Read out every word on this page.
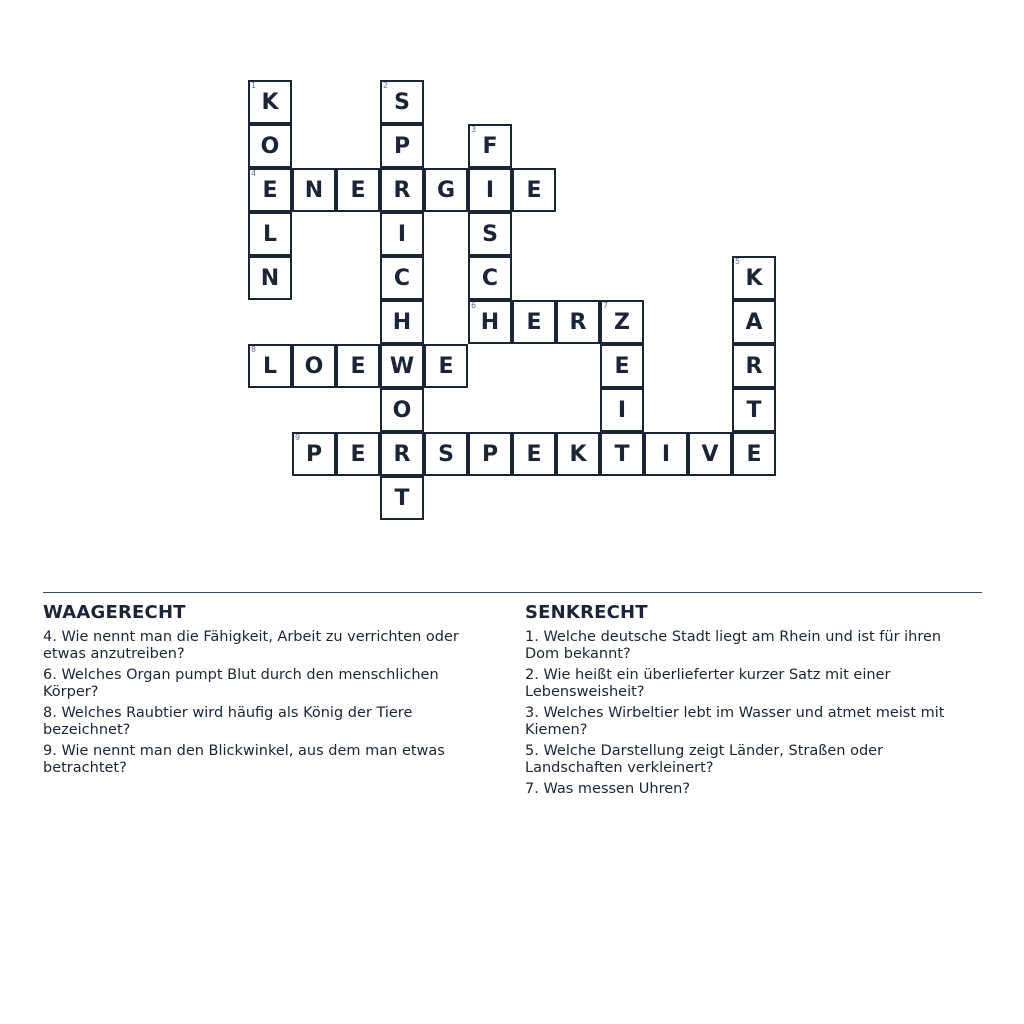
1
K
O
4
E
L
N
N	E
2
S
P
R
I
C
H
W
O
R
T
G
3
F
I
S
C
6
H
E
E	R
7
Z
E
I
T
5
K
A
R
T
E
8
L	O	E	E
9
P	E	S	P	E	K	I	V
WAAGERECHT
4. Wie nennt man die Fähigkeit, Arbeit zu verrichten oder etwas anzutreiben?
6. Welches Organ pumpt Blut durch den menschlichen Körper?
8. Welches Raubtier wird häufig als König der Tiere bezeichnet?
9. Wie nennt man den Blickwinkel, aus dem man etwas betrachtet?
SENKRECHT
1. Welche deutsche Stadt liegt am Rhein und ist für ihren Dom bekannt?
2. Wie heißt ein überlieferter kurzer Satz mit einer Lebensweisheit?
3. Welches Wirbeltier lebt im Wasser und atmet meist mit Kiemen?
5. Welche Darstellung zeigt Länder, Straßen oder Landschaften verkleinert?
7. Was messen Uhren?
